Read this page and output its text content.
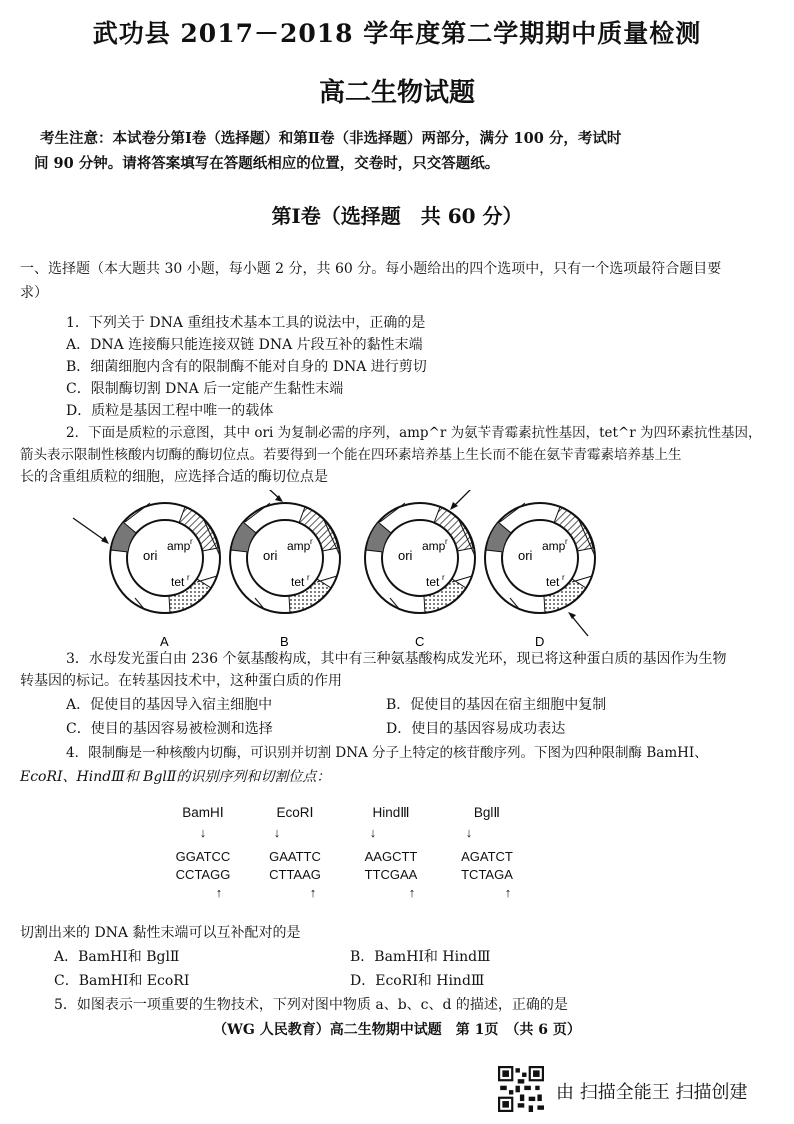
武功县 2017－2018 学年度第二学期期中质量检测
高二生物试题
考生注意：本试卷分第Ⅰ卷（选择题）和第Ⅱ卷（非选择题）两部分，满分 100 分，考试时
间 90 分钟。请将答案填写在答题纸相应的位置，交卷时，只交答题纸。
第Ⅰ卷（选择题　共 60 分）
一、选择题（本大题共 30 小题，每小题 2 分，共 60 分。每小题给出的四个选项中，只有一个选项最符合题目要
求）
1．下列关于 DNA 重组技术基本工具的说法中，正确的是
A．DNA 连接酶只能连接双链 DNA 片段互补的黏性末端
B．细菌细胞内含有的限制酶不能对自身的 DNA 进行剪切
C．限制酶切割 DNA 后一定能产生黏性末端
D．质粒是基因工程中唯一的载体
2．下面是质粒的示意图，其中 ori 为复制必需的序列，amp^r 为氨苄青霉素抗性基因，tet^r 为四环素抗性基因，
箭头表示限制性核酸内切酶的酶切位点。若要得到一个能在四环素培养基上生长而不能在氨苄青霉素培养基上生
长的含重组质粒的细胞，应选择合适的酶切位点是
ori
amp r
tet r
A
ori
amp r
tet r
B
ori
amp r
tet r
C
ori
amp r
tet r
D
3．水母发光蛋白由 236 个氨基酸构成，其中有三种氨基酸构成发光环，现已将这种蛋白质的基因作为生物
转基因的标记。在转基因技术中，这种蛋白质的作用
A．促使目的基因导入宿主细胞中	B．促使目的基因在宿主细胞中复制
C．使目的基因容易被检测和选择	D．使目的基因容易成功表达
4．限制酶是一种核酸内切酶，可识别并切割 DNA 分子上特定的核苷酸序列。下图为四种限制酶 BamHⅠ、
EcoRⅠ、HindⅢ和 BglⅡ的识别序列和切割位点：
BamHⅠ
↓
GGATCC
CCTAGG
↑
EcoRⅠ
↓
GAATTC
CTTAAG
↑
HindⅢ
↓
AAGCTT
TTCGAA
↑
BglⅡ
↓
AGATCT
TCTAGA
↑
切割出来的 DNA 黏性末端可以互补配对的是
A．BamHⅠ和 BglⅡ	B．BamHⅠ和 HindⅢ
C．BamHⅠ和 EcoRⅠ	D．EcoRⅠ和 HindⅢ
5．如图表示一项重要的生物技术，下列对图中物质 a、b、c、d 的描述，正确的是
（WG 人民教育）高二生物期中试题　第 1页　（共 6 页）
由 扫描全能王 扫描创建
